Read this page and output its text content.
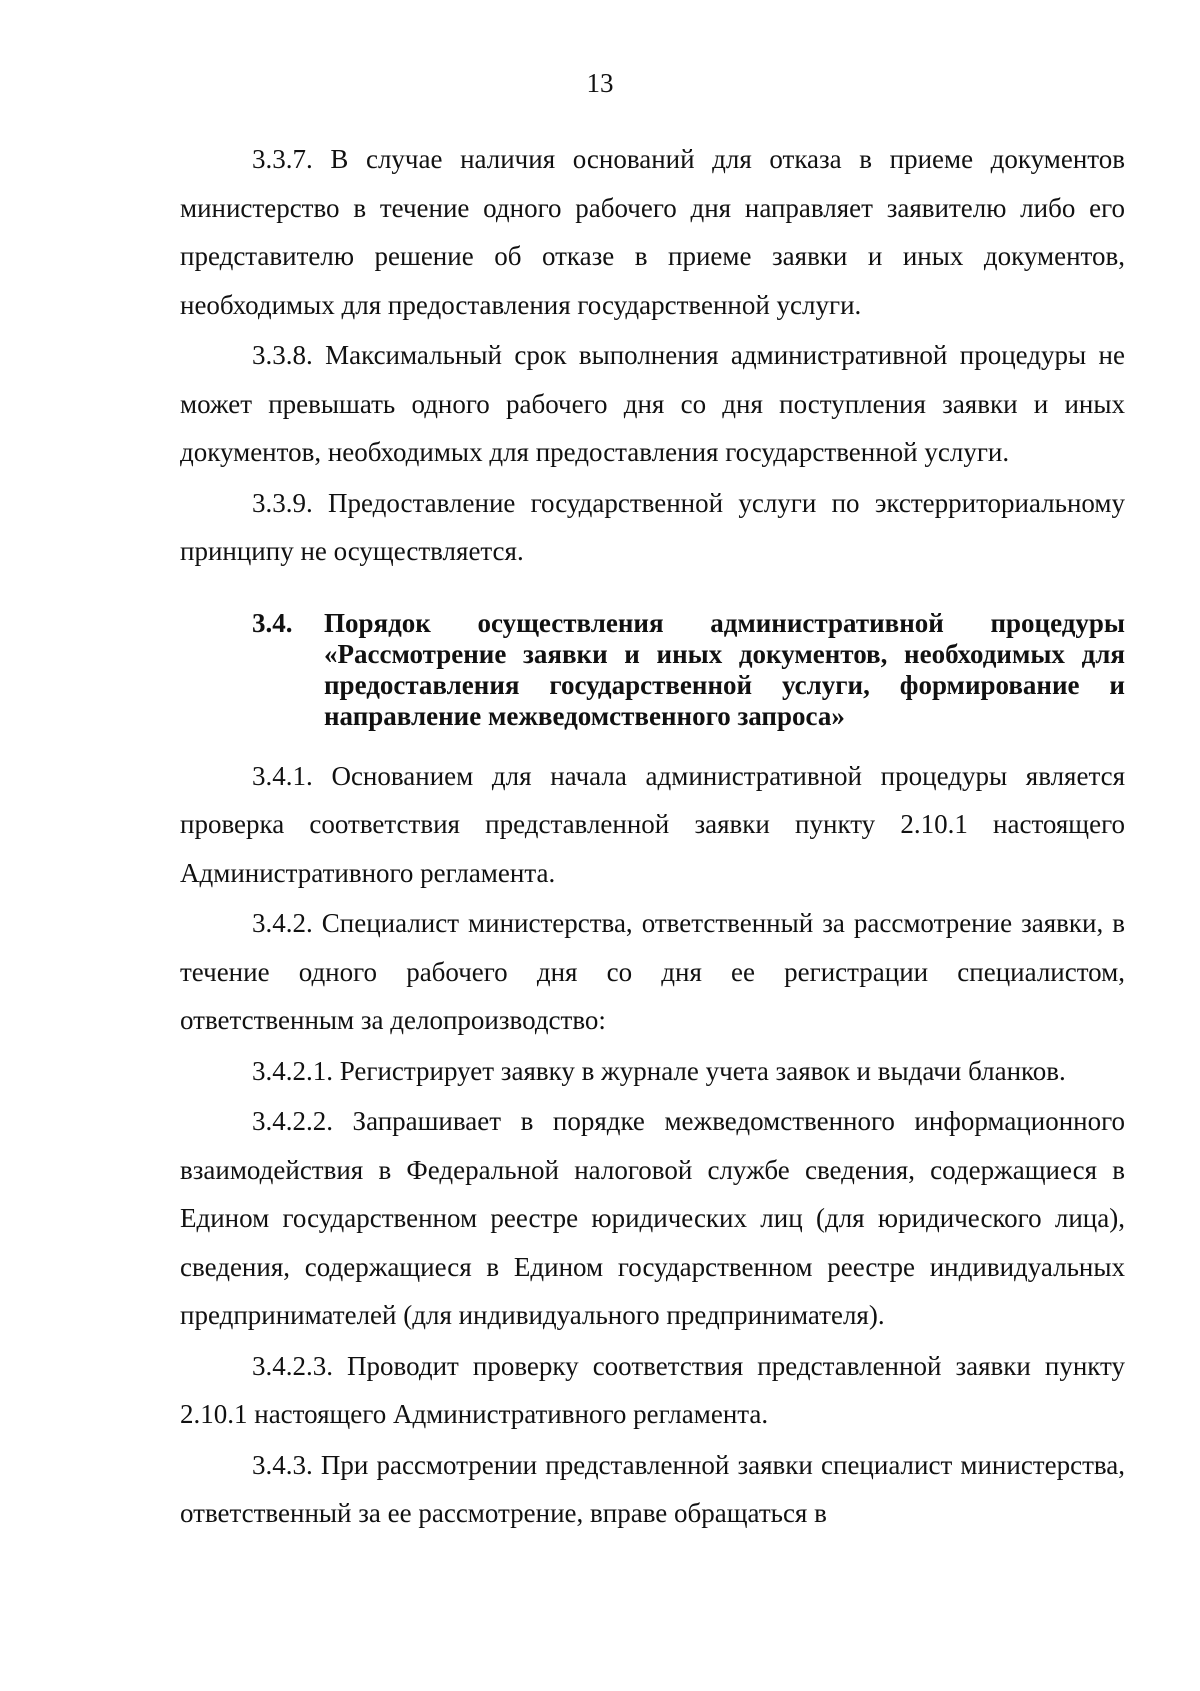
13

3.3.7. В случае наличия оснований для отказа в приеме документов министерство в течение одного рабочего дня направляет заявителю либо его представителю решение об отказе в приеме заявки и иных документов, необходимых для предоставления государственной услуги.

3.3.8. Максимальный срок выполнения административной процедуры не может превышать одного рабочего дня со дня поступления заявки и иных документов, необходимых для предоставления государственной услуги.

3.3.9. Предоставление государственной услуги по экстерриториальному принципу не осуществляется.

3.4.	Порядок осуществления административной процедуры «Рассмотрение заявки и иных документов, необходимых для предоставления государственной услуги, формирование и направление межведомственного запроса»

3.4.1. Основанием для начала административной процедуры является проверка соответствия представленной заявки пункту 2.10.1 настоящего Административного регламента.

3.4.2. Специалист министерства, ответственный за рассмотрение заявки, в течение одного рабочего дня со дня ее регистрации специалистом, ответственным за делопроизводство:

3.4.2.1. Регистрирует заявку в журнале учета заявок и выдачи бланков.

3.4.2.2. Запрашивает в порядке межведомственного информационного взаимодействия в Федеральной налоговой службе сведения, содержащиеся в Едином государственном реестре юридических лиц (для юридического лица), сведения, содержащиеся в Едином государственном реестре индивидуальных предпринимателей (для индивидуального предпринимателя).

3.4.2.3. Проводит проверку соответствия представленной заявки пункту 2.10.1 настоящего Административного регламента.

3.4.3. При рассмотрении представленной заявки специалист министерства, ответственный за ее рассмотрение, вправе обращаться в
